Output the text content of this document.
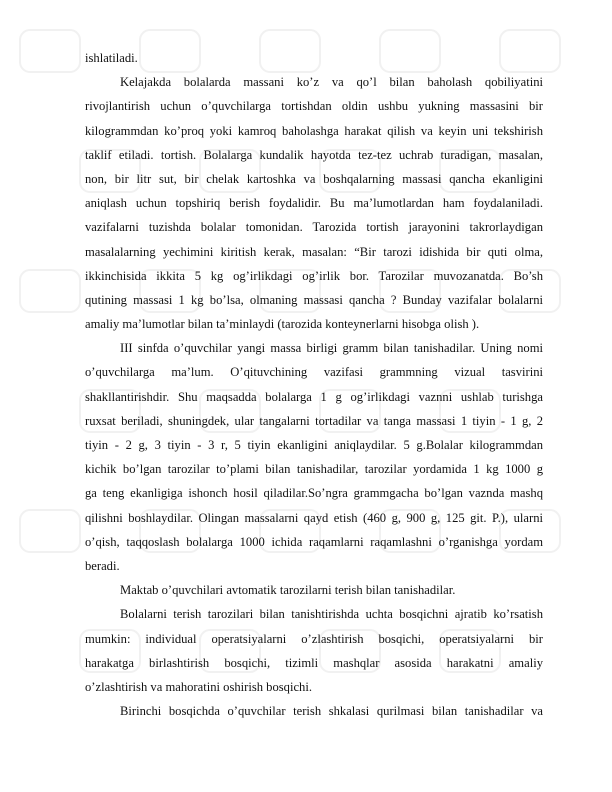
ishlatiladi.
Kelajakda bolalarda massani ko’z va qo’l bilan baholash qobiliyatini
rivojlantirish uchun o’quvchilarga tortishdan oldin ushbu yukning massasini bir
kilogrammdan ko’proq yoki kamroq baholashga harakat qilish va keyin uni tekshirish
taklif etiladi. tortish. Bolalarga kundalik hayotda tez-tez uchrab turadigan, masalan,
non, bir litr sut, bir chelak kartoshka va boshqalarning massasi qancha ekanligini
aniqlash uchun topshiriq berish foydalidir. Bu ma’lumotlardan ham foydalaniladi.
vazifalarni tuzishda bolalar tomonidan. Tarozida tortish jarayonini takrorlaydigan
masalalarning yechimini kiritish kerak, masalan: “Bir tarozi idishida bir quti olma,
ikkinchisida ikkita 5 kg og’irlikdagi og’irlik bor. Tarozilar muvozanatda. Bo’sh
qutining massasi 1 kg bo’lsa, olmaning massasi qancha ? Bunday vazifalar bolalarni
amaliy ma’lumotlar bilan ta’minlaydi (tarozida konteynerlarni hisobga olish ).
III sinfda o’quvchilar yangi massa birligi gramm bilan tanishadilar. Uning nomi
o’quvchilarga ma’lum. O’qituvchining vazifasi grammning vizual tasvirini
shakllantirishdir. Shu maqsadda bolalarga 1 g og’irlikdagi vaznni ushlab turishga
ruxsat beriladi, shuningdek, ular tangalarni tortadilar va tanga massasi 1 tiyin - 1 g, 2
tiyin - 2 g, 3 tiyin - 3 r, 5 tiyin ekanligini aniqlaydilar. 5 g.Bolalar kilogrammdan
kichik bo’lgan tarozilar to’plami bilan tanishadilar, tarozilar yordamida 1 kg 1000 g
ga teng ekanligiga ishonch hosil qiladilar.So’ngra grammgacha bo’lgan vaznda mashq
qilishni boshlaydilar. Olingan massalarni qayd etish (460 g, 900 g, 125 git. P.), ularni
o’qish, taqqoslash bolalarga 1000 ichida raqamlarni raqamlashni o’rganishga yordam
beradi.
Maktab o’quvchilari avtomatik tarozilarni terish bilan tanishadilar.
Bolalarni terish tarozilari bilan tanishtirishda uchta bosqichni ajratib ko’rsatish
mumkin: individual operatsiyalarni o’zlashtirish bosqichi, operatsiyalarni bir
harakatga birlashtirish bosqichi, tizimli mashqlar asosida harakatni amaliy
o’zlashtirish va mahoratini oshirish bosqichi.
Birinchi bosqichda o’quvchilar terish shkalasi qurilmasi bilan tanishadilar va
